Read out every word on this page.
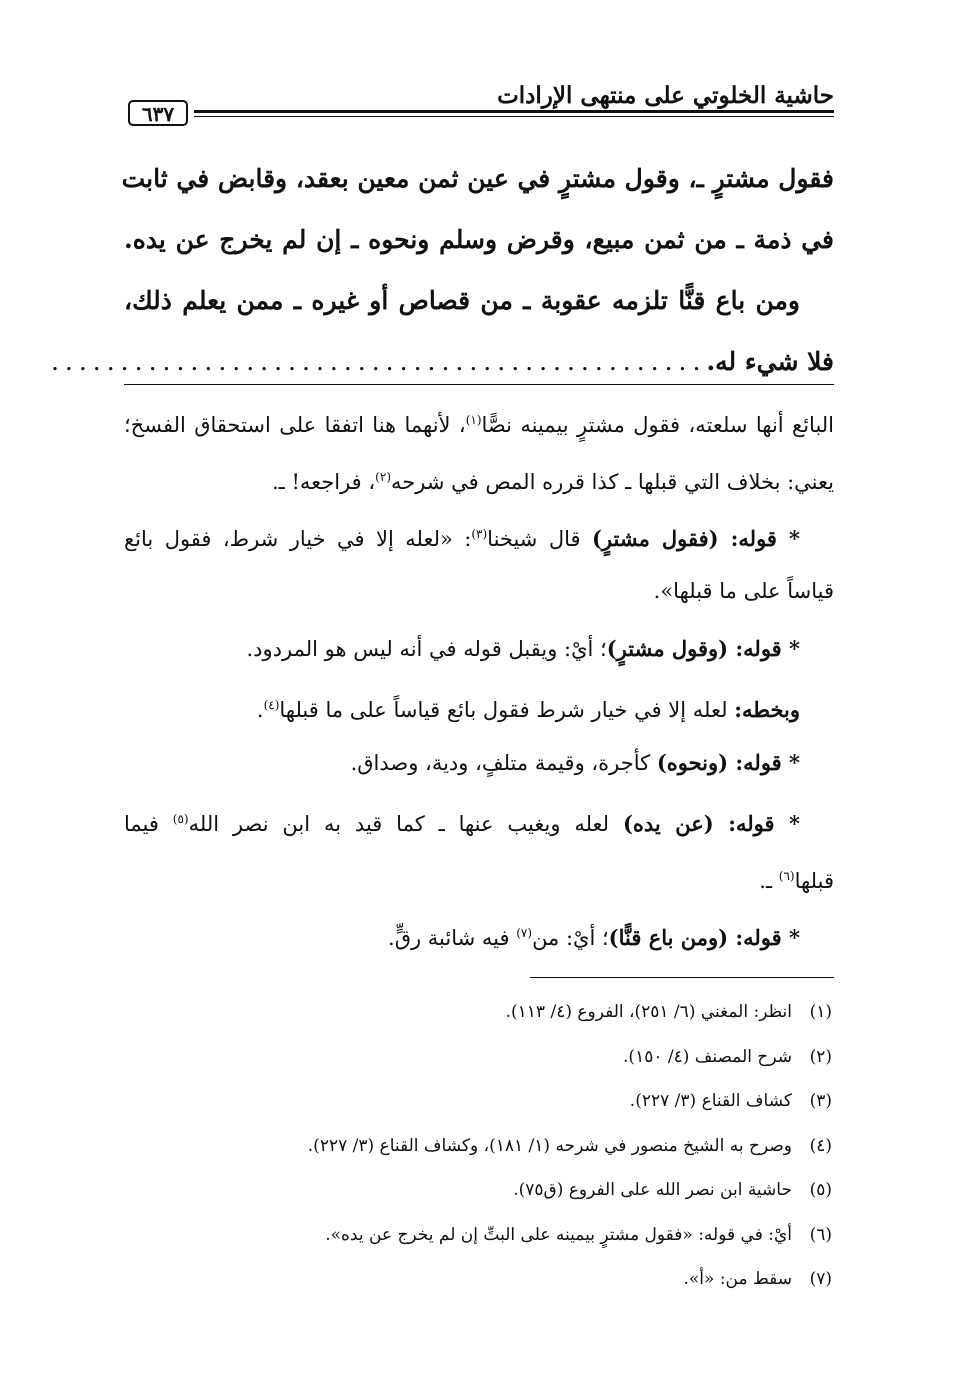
حاشية الخلوتي على منتهى الإرادات
٦٣٧
فقول مشترٍ ـ، وقول مشترٍ في عين ثمن معين بعقد، وقابض في ثابت
في ذمة ـ من ثمن مبيع، وقرض وسلم ونحوه ـ إن لم يخرج عن يده.
ومن باع قنًّا تلزمه عقوبة ـ من قصاص أو غيره ـ ممن يعلم ذلك،
فلا شيء له.
...............................................
البائع أنها سلعته، فقول مشترٍ بيمينه نصًّا$^{(١)}$، لأنهما هنا اتفقا على استحقاق الفسخ؛
يعني: بخلاف التي قبلها ـ كذا قرره المص في شرحه$^{(٢)}$، فراجعه! ـ.
* قوله: (فقول مشترٍ) قال شيخنا$^{(٣)}$: «لعله إلا في خيار شرط، فقول بائع
قياساً على ما قبلها».
* قوله: (وقول مشترٍ)؛ أيْ: ويقبل قوله في أنه ليس هو المردود.
وبخطه: لعله إلا في خيار شرط فقول بائع قياساً على ما قبلها$^{(٤)}$.
* قوله: (ونحوه) كأجرة، وقيمة متلفٍ، ودية، وصداق.
* قوله: (عن يده) لعله ويغيب عنها ـ كما قيد به ابن نصر الله$^{(٥)}$ فيما
قبلها$^{(٦)}$ ـ.
* قوله: (ومن باع قنًّا)؛ أيْ: من$^{(٧)}$ فيه شائبة رقٍّ.
(١)انظر: المغني (٦/ ٢٥١)، الفروع (٤/ ١١٣).
(٢)شرح المصنف (٤/ ١٥٠).
(٣)كشاف القناع (٣/ ٢٢٧).
(٤)وصرح به الشيخ منصور في شرحه (١/ ١٨١)، وكشاف القناع (٣/ ٢٢٧).
(٥)حاشية ابن نصر الله على الفروع (ق٧٥).
(٦)أيْ: في قوله: «فقول مشترٍ بيمينه على البتِّ إن لم يخرج عن يده».
(٧)سقط من: «أ».
